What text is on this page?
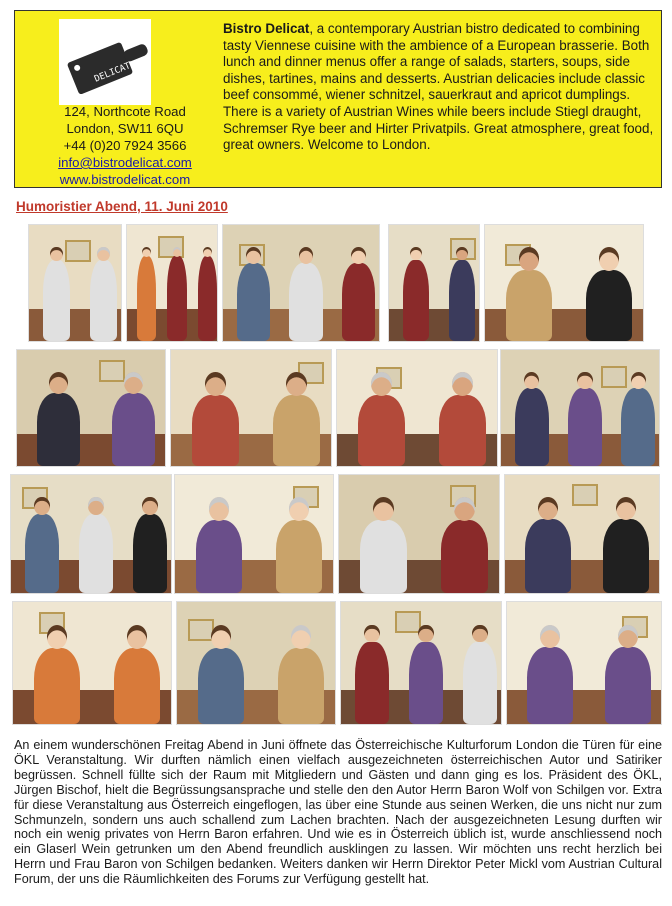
DELICAT
124, Northcote Road
London, SW11 6QU
+44 (0)20 7924 3566
info@bistrodelicat.com
www.bistrodelicat.com
Bistro Delicat, a contemporary Austrian bistro dedicated to combining tasty Viennese cuisine with the ambience of a European brasserie. Both lunch and dinner menus offer a range of salads, starters, soups, side dishes, tartines, mains and desserts. Austrian delicacies include classic beef consommé, wiener schnitzel, sauerkraut and apricot dumplings. There is a variety of Austrian Wines while beers include Stiegl draught, Schremser Rye beer and Hirter Privatpils. Great atmosphere, great food, great owners. Welcome to London.
Humoristier Abend, 11. Juni 2010
An einem wunderschönen Freitag Abend in Juni öffnete das Österreichische Kulturforum London die Türen für eine ÖKL Veranstaltung. Wir durften nämlich einen vielfach ausgezeichneten österreichischen Autor und Satiriker begrüssen. Schnell füllte sich der Raum mit Mitgliedern und Gästen und dann ging es los. Präsident des ÖKL, Jürgen Bischof, hielt die Begrüssungsansprache und stelle den den Autor Herrn Baron Wolf von Schilgen vor. Extra für diese Veranstaltung aus Österreich eingeflogen, las über eine Stunde aus seinen Werken, die uns nicht nur zum Schmunzeln, sondern uns auch schallend zum Lachen brachten. Nach der ausgezeichneten Lesung durften wir noch ein wenig privates von Herrn Baron erfahren. Und wie es in Österreich üblich ist, wurde anschliessend noch ein Glaserl Wein getrunken um den Abend freundlich ausklingen zu lassen. Wir möchten uns recht herzlich bei Herrn und Frau Baron von Schilgen bedanken. Weiters danken wir Herrn Direktor Peter Mickl vom Austrian Cultural Forum, der uns die Räumlichkeiten des Forums zur Verfügung gestellt hat.
